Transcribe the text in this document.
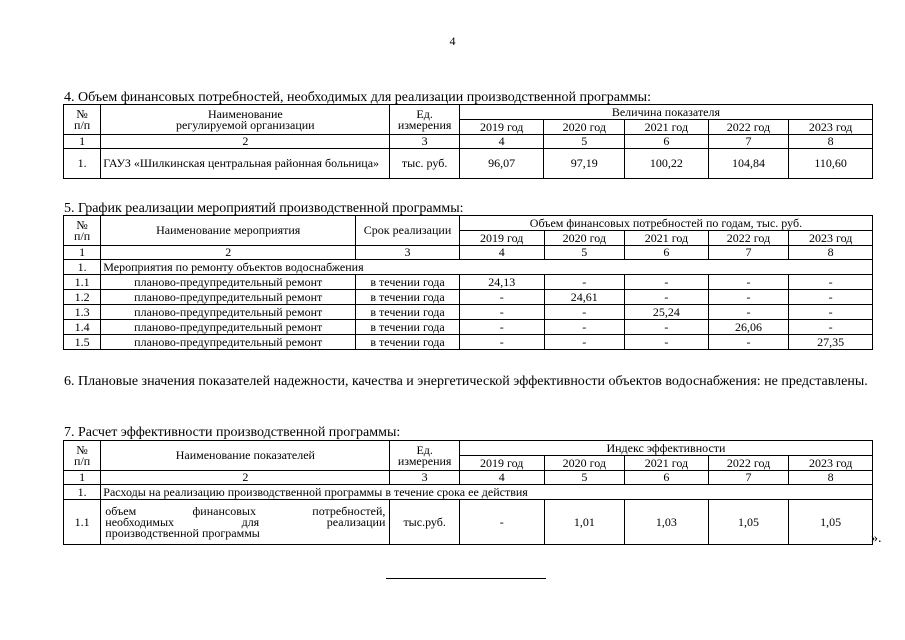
4
4. Объем финансовых потребностей, необходимых для реализации производственной программы:
№
п/п	Наименование
регулируемой организации	Ед.
измерения	Величина показателя				
			2019 год	2020 год	2021 год	2022 год	2023 год
1	2	3	4	5	6	7	8
1.	ГАУЗ «Шилкинская центральная районная больница»	тыс. руб.	96,07	97,19	100,22	104,84	110,60
5. График реализации мероприятий производственной программы:
№
п/п	Наименование мероприятия	Срок реализации	Объем финансовых потребностей по годам, тыс. руб.				
			2019 год	2020 год	2021 год	2022 год	2023 год
1	2	3	4	5	6	7	8
1.	Мероприятия по ремонту объектов водоснабжения						
1.1	планово-предупредительный ремонт	в течении года	24,13	-	-	-	-
1.2	планово-предупредительный ремонт	в течении года	-	24,61	-	-	-
1.3	планово-предупредительный ремонт	в течении года	-	-	25,24	-	-
1.4	планово-предупредительный ремонт	в течении года	-	-	-	26,06	-
1.5	планово-предупредительный ремонт	в течении года	-	-	-	-	27,35
6. Плановые значения показателей надежности, качества и энергетической эффективности объектов водоснабжения: не представлены.
7. Расчет эффективности производственной программы:
№
п/п	Наименование показателей	Ед.
измерения	Индекс эффективности				
			2019 год	2020 год	2021 год	2022 год	2023 год
1	2	3	4	5	6	7	8
1.	Расходы на реализацию производственной программы в течение срока ее действия						
1.1	объем финансовых потребностей,
необходимых для реализации
производственной программы	тыс.руб.	-	1,01	1,03	1,05	1,05
».
